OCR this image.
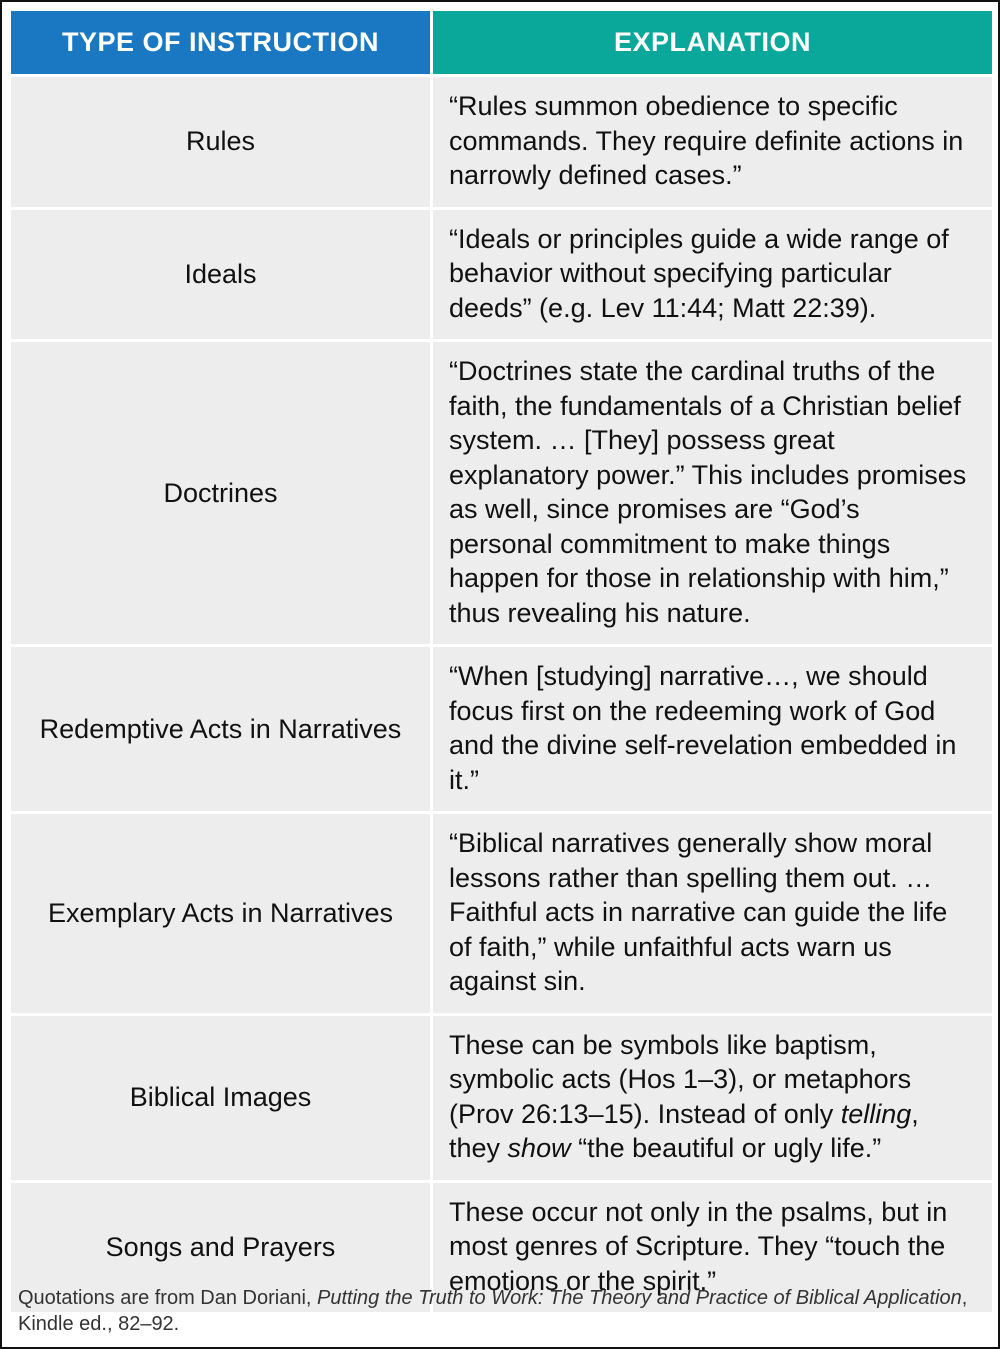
TYPE OF INSTRUCTION	EXPLANATION
Rules
“Rules summon obedience to specific commands. They require definite actions in narrowly defined cases.”
Ideals
“Ideals or principles guide a wide range of behavior without specifying particular deeds” (e.g. Lev 11:44; Matt 22:39).
Doctrines
“Doctrines state the cardinal truths of the faith, the fundamentals of a Christian belief system. … [They] possess great explanatory power.” This includes promises as well, since promises are “God’s personal commitment to make things happen for those in relationship with him,” thus revealing his nature.
Redemptive Acts in Narratives
“When [studying] narrative…, we should focus first on the redeeming work of God and the divine self-revelation embedded in it.”
Exemplary Acts in Narratives
“Biblical narratives generally show moral lessons rather than spelling them out. … Faithful acts in narrative can guide the life of faith,” while unfaithful acts warn us against sin.
Biblical Images
These can be symbols like baptism, symbolic acts (Hos 1–3), or metaphors (Prov 26:13–15). Instead of only telling, they show “the beautiful or ugly life.”
Songs and Prayers
These occur not only in the psalms, but in most genres of Scripture. They “touch the emotions or the spirit.”
Quotations are from Dan Doriani, Putting the Truth to Work: The Theory and Practice of Biblical Application, Kindle ed., 82–92.
